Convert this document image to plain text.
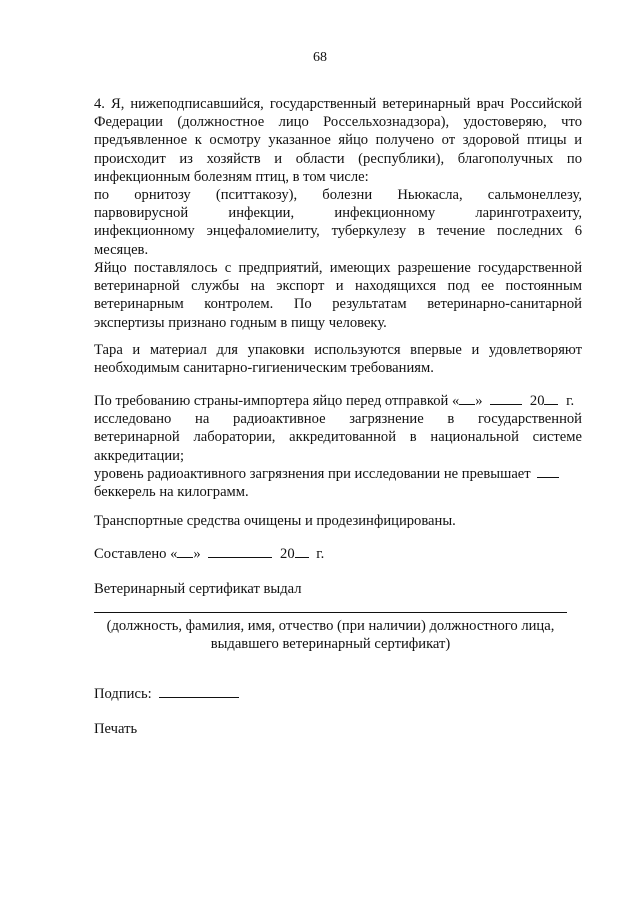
68
4. Я, нижеподписавшийся, государственный ветеринарный врач Российской
Федерации (должностное лицо Россельхознадзора), удостоверяю, что
предъявленное к осмотру указанное яйцо получено от здоровой птицы и
происходит из хозяйств и области (республики), благополучных по
инфекционным болезням птиц, в том числе:
по орнитозу (пситтакозу), болезни Ньюкасла, сальмонеллезу,
парвовирусной инфекции, инфекционному ларинготрахеиту,
инфекционному энцефаломиелиту, туберкулезу в течение последних 6
месяцев.
Яйцо поставлялось с предприятий, имеющих разрешение государственной
ветеринарной службы на экспорт и находящихся под ее постоянным
ветеринарным контролем. По результатам ветеринарно-санитарной
экспертизы признано годным в пищу человеку.
Тара и материал для упаковки используются впервые и удовлетворяют
необходимым санитарно-гигиеническим требованиям.
По требованию страны-импортера яйцо перед отправкой « »	20 г.
исследовано на радиоактивное загрязнение в государственной
ветеринарной лаборатории, аккредитованной в национальной системе
аккредитации;
уровень радиоактивного загрязнения при исследовании не превышает
беккерель на килограмм.
Транспортные средства очищены и продезинфицированы.
Составлено « »	20 г.
Ветеринарный сертификат выдал
(должность, фамилия, имя, отчество (при наличии) должностного лица,
выдавшего ветеринарный сертификат)
Подпись:
Печать
